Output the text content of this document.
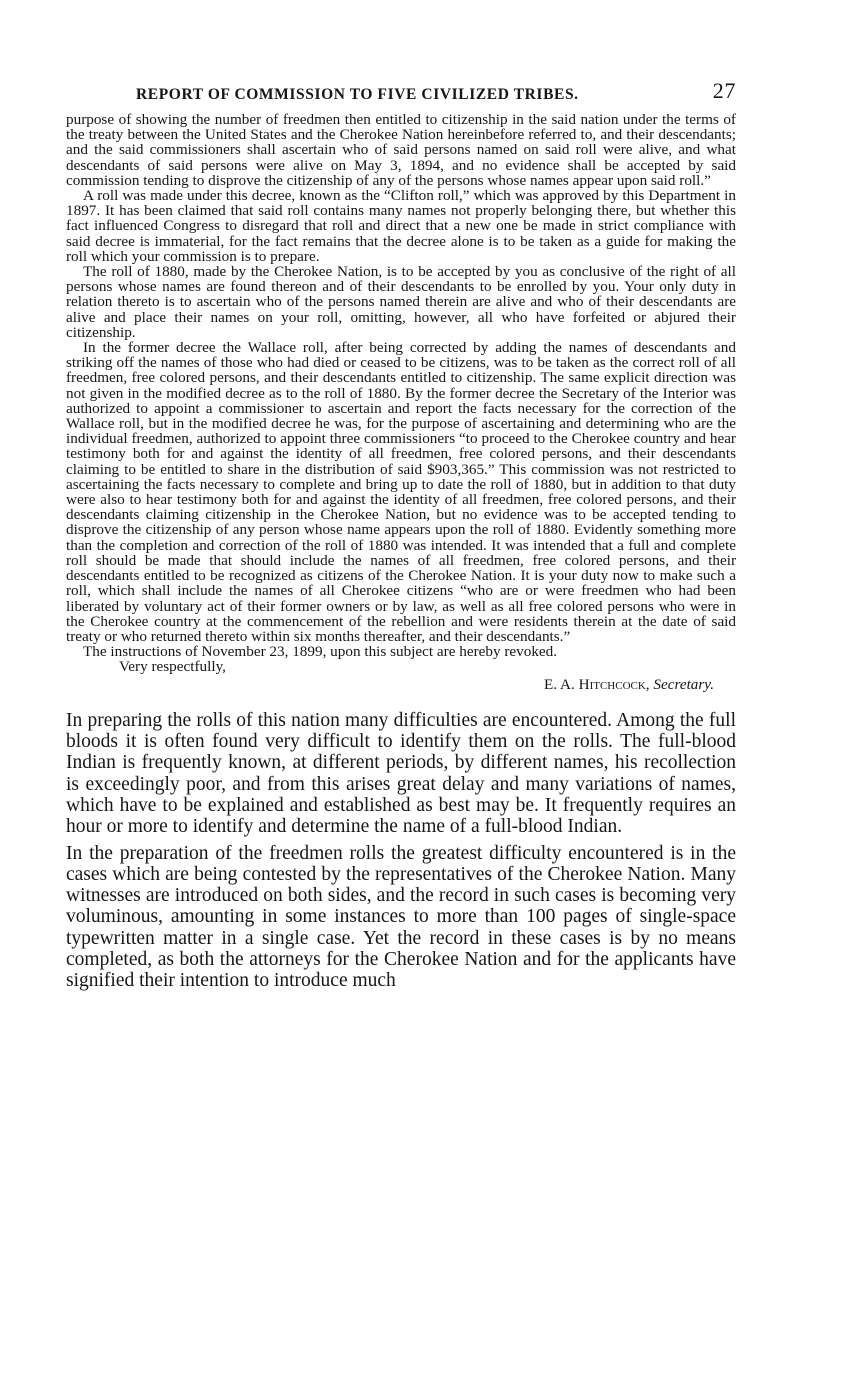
REPORT OF COMMISSION TO FIVE CIVILIZED TRIBES.	27

purpose of showing the number of freedmen then entitled to citizenship in the said nation under the terms of the treaty between the United States and the Cherokee Nation hereinbefore referred to, and their descendants; and the said commissioners shall ascertain who of said persons named on said roll were alive, and what descendants of said persons were alive on May 3, 1894, and no evidence shall be accepted by said commission tending to disprove the citizenship of any of the persons whose names appear upon said roll.”

A roll was made under this decree, known as the “Clifton roll,” which was approved by this Department in 1897. It has been claimed that said roll contains many names not properly belonging there, but whether this fact influenced Congress to disregard that roll and direct that a new one be made in strict compliance with said decree is immaterial, for the fact remains that the decree alone is to be taken as a guide for making the roll which your commission is to prepare.

The roll of 1880, made by the Cherokee Nation, is to be accepted by you as conclusive of the right of all persons whose names are found thereon and of their descendants to be enrolled by you. Your only duty in relation thereto is to ascertain who of the persons named therein are alive and who of their descendants are alive and place their names on your roll, omitting, however, all who have forfeited or abjured their citizenship.

In the former decree the Wallace roll, after being corrected by adding the names of descendants and striking off the names of those who had died or ceased to be citizens, was to be taken as the correct roll of all freedmen, free colored persons, and their descendants entitled to citizenship. The same explicit direction was not given in the modified decree as to the roll of 1880. By the former decree the Secretary of the Interior was authorized to appoint a commissioner to ascertain and report the facts necessary for the correction of the Wallace roll, but in the modified decree he was, for the purpose of ascertaining and determining who are the individual freedmen, authorized to appoint three commissioners “to proceed to the Cherokee country and hear testimony both for and against the identity of all freedmen, free colored persons, and their descendants claiming to be entitled to share in the distribution of said $903,365.” This commission was not restricted to ascertaining the facts necessary to complete and bring up to date the roll of 1880, but in addition to that duty were also to hear testimony both for and against the identity of all freedmen, free colored persons, and their descendants claiming citizenship in the Cherokee Nation, but no evidence was to be accepted tending to disprove the citizenship of any person whose name appears upon the roll of 1880. Evidently something more than the completion and correction of the roll of 1880 was intended. It was intended that a full and complete roll should be made that should include the names of all freedmen, free colored persons, and their descendants entitled to be recognized as citizens of the Cherokee Nation. It is your duty now to make such a roll, which shall include the names of all Cherokee citizens “who are or were freedmen who had been liberated by voluntary act of their former owners or by law, as well as all free colored persons who were in the Cherokee country at the commencement of the rebellion and were residents therein at the date of said treaty or who returned thereto within six months thereafter, and their descendants.”

The instructions of November 23, 1899, upon this subject are hereby revoked.

Very respectfully,

E. A. Hitchcock, Secretary.

In preparing the rolls of this nation many difficulties are encountered. Among the full bloods it is often found very difficult to identify them on the rolls. The full-blood Indian is frequently known, at different periods, by different names, his recollection is exceedingly poor, and from this arises great delay and many variations of names, which have to be explained and established as best may be. It frequently requires an hour or more to identify and determine the name of a full-blood Indian.

In the preparation of the freedmen rolls the greatest difficulty encountered is in the cases which are being contested by the representatives of the Cherokee Nation. Many witnesses are introduced on both sides, and the record in such cases is becoming very voluminous, amounting in some instances to more than 100 pages of single-space typewritten matter in a single case. Yet the record in these cases is by no means completed, as both the attorneys for the Cherokee Nation and for the applicants have signified their intention to introduce much
